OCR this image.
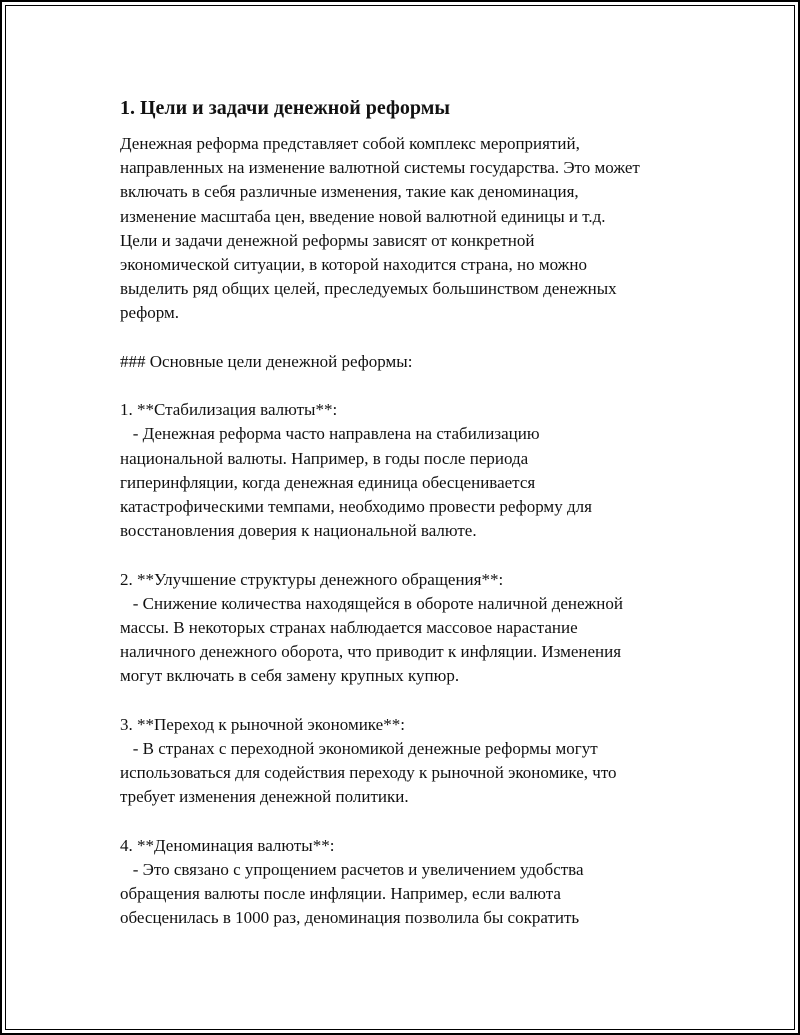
1. Цели и задачи денежной реформы
Денежная реформа представляет собой комплекс мероприятий,
направленных на изменение валютной системы государства. Это может
включать в себя различные изменения, такие как деноминация,
изменение масштаба цен, введение новой валютной единицы и т.д.
Цели и задачи денежной реформы зависят от конкретной
экономической ситуации, в которой находится страна, но можно
выделить ряд общих целей, преследуемых большинством денежных
реформ.
### Основные цели денежной реформы:
1. **Стабилизация валюты**:
- Денежная реформа часто направлена на стабилизацию
национальной валюты. Например, в годы после периода
гиперинфляции, когда денежная единица обесценивается
катастрофическими темпами, необходимо провести реформу для
восстановления доверия к национальной валюте.
2. **Улучшение структуры денежного обращения**:
- Снижение количества находящейся в обороте наличной денежной
массы. В некоторых странах наблюдается массовое нарастание
наличного денежного оборота, что приводит к инфляции. Изменения
могут включать в себя замену крупных купюр.
3. **Переход к рыночной экономике**:
- В странах с переходной экономикой денежные реформы могут
использоваться для содействия переходу к рыночной экономике, что
требует изменения денежной политики.
4. **Деноминация валюты**:
- Это связано с упрощением расчетов и увеличением удобства
обращения валюты после инфляции. Например, если валюта
обесценилась в 1000 раз, деноминация позволила бы сократить
